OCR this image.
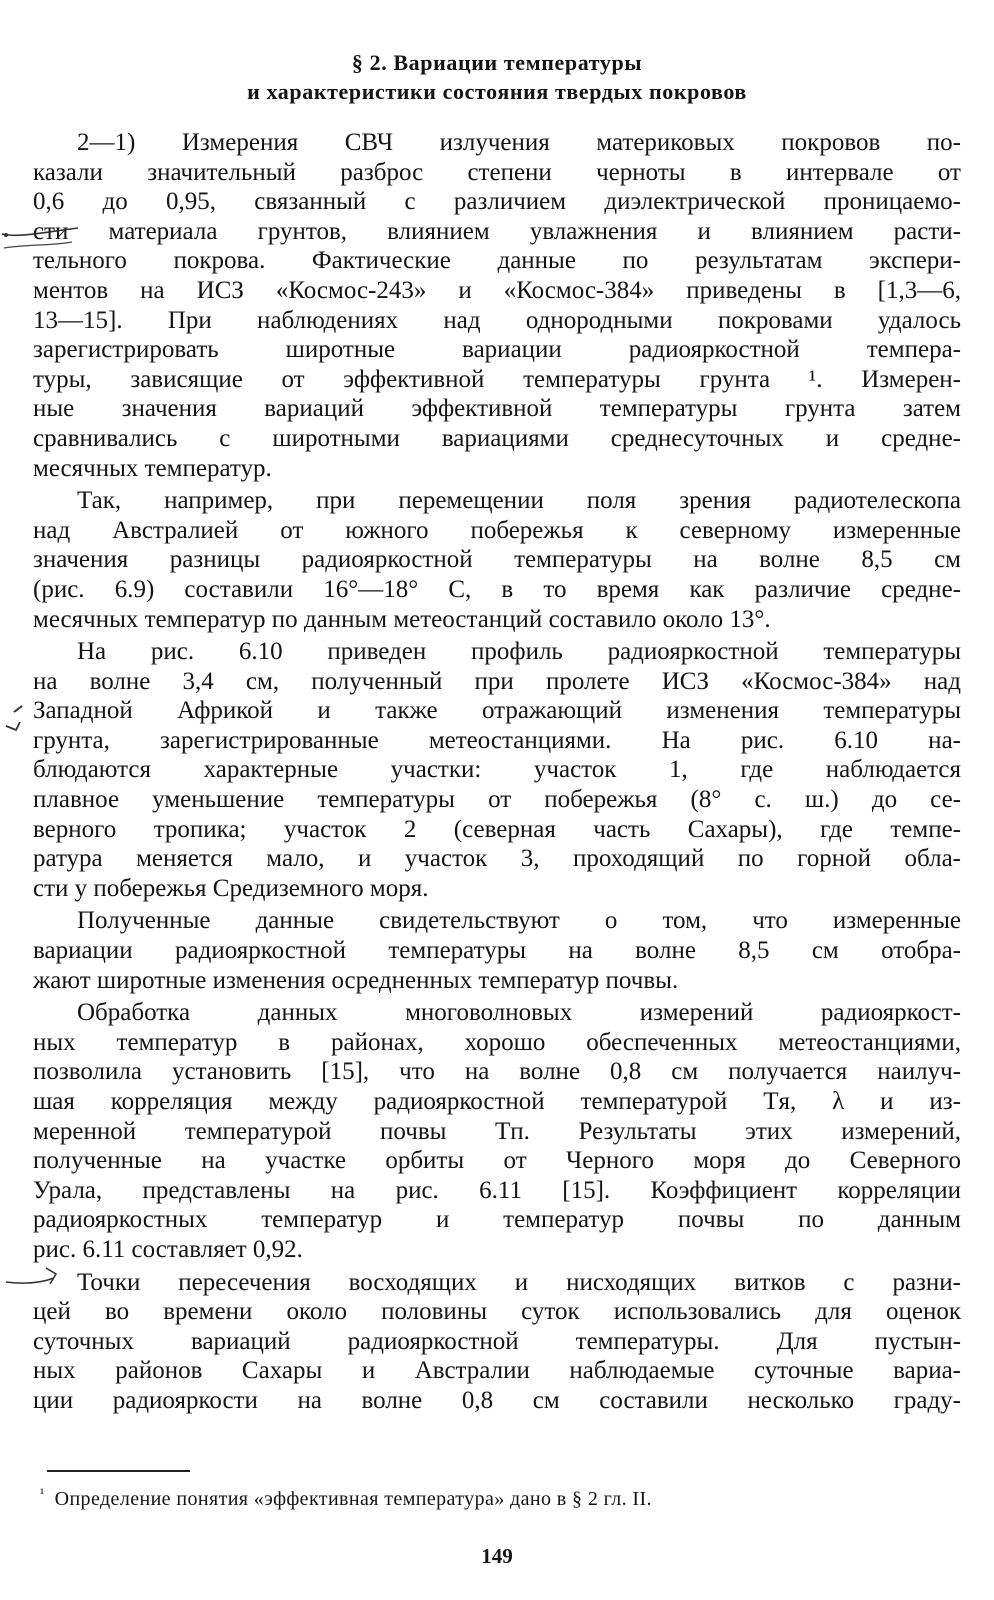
§ 2. Вариации температуры
и характеристики состояния твердых покровов
2—1) Измерения СВЧ излучения материковых покровов по-
казали значительный разброс степени черноты в интервале от
0,6 до 0,95, связанный с различием диэлектрической проницаемо-
сти материала грунтов, влиянием увлажнения и влиянием расти-
тельного покрова. Фактические данные по результатам экспери-
ментов на ИСЗ «Космос-243» и «Космос-384» приведены в [1,3—6,
13—15]. При наблюдениях над однородными покровами удалось
зарегистрировать широтные вариации радиояркостной темпера-
туры, зависящие от эффективной температуры грунта ¹. Измерен-
ные значения вариаций эффективной температуры грунта затем
сравнивались с широтными вариациями среднесуточных и средне-
месячных температур.
Так, например, при перемещении поля зрения радиотелескопа
над Австралией от южного побережья к северному измеренные
значения разницы радиояркостной температуры на волне 8,5 см
(рис. 6.9) составили 16°—18° С, в то время как различие средне-
месячных температур по данным метеостанций составило около 13°.
На рис. 6.10 приведен профиль радиояркостной температуры
на волне 3,4 см, полученный при пролете ИСЗ «Космос-384» над
Западной Африкой и также отражающий изменения температуры
грунта, зарегистрированные метеостанциями. На рис. 6.10 на-
блюдаются характерные участки: участок 1, где наблюдается
плавное уменьшение температуры от побережья (8° с. ш.) до се-
верного тропика; участок 2 (северная часть Сахары), где темпе-
ратура меняется мало, и участок 3, проходящий по горной обла-
сти у побережья Средиземного моря.
Полученные данные свидетельствуют о том, что измеренные
вариации радиояркостной температуры на волне 8,5 см отобра-
жают широтные изменения осредненных температур почвы.
Обработка данных многоволновых измерений радиояркост-
ных температур в районах, хорошо обеспеченных метеостанциями,
позволила установить [15], что на волне 0,8 см получается наилуч-
шая корреляция между радиояркостной температурой Tя, λ и из-
меренной температурой почвы Tп. Результаты этих измерений,
полученные на участке орбиты от Черного моря до Северного
Урала, представлены на рис. 6.11 [15]. Коэффициент корреляции
радиояркостных температур и температур почвы по данным
рис. 6.11 составляет 0,92.
Точки пересечения восходящих и нисходящих витков с разни-
цей во времени около половины суток использовались для оценок
суточных вариаций радиояркостной температуры. Для пустын-
ных районов Сахары и Австралии наблюдаемые суточные вариа-
ции радиояркости на волне 0,8 см составили несколько граду-
$^{^1}$ Определение понятия «эффективная температура» дано в § 2 гл. II.
149
